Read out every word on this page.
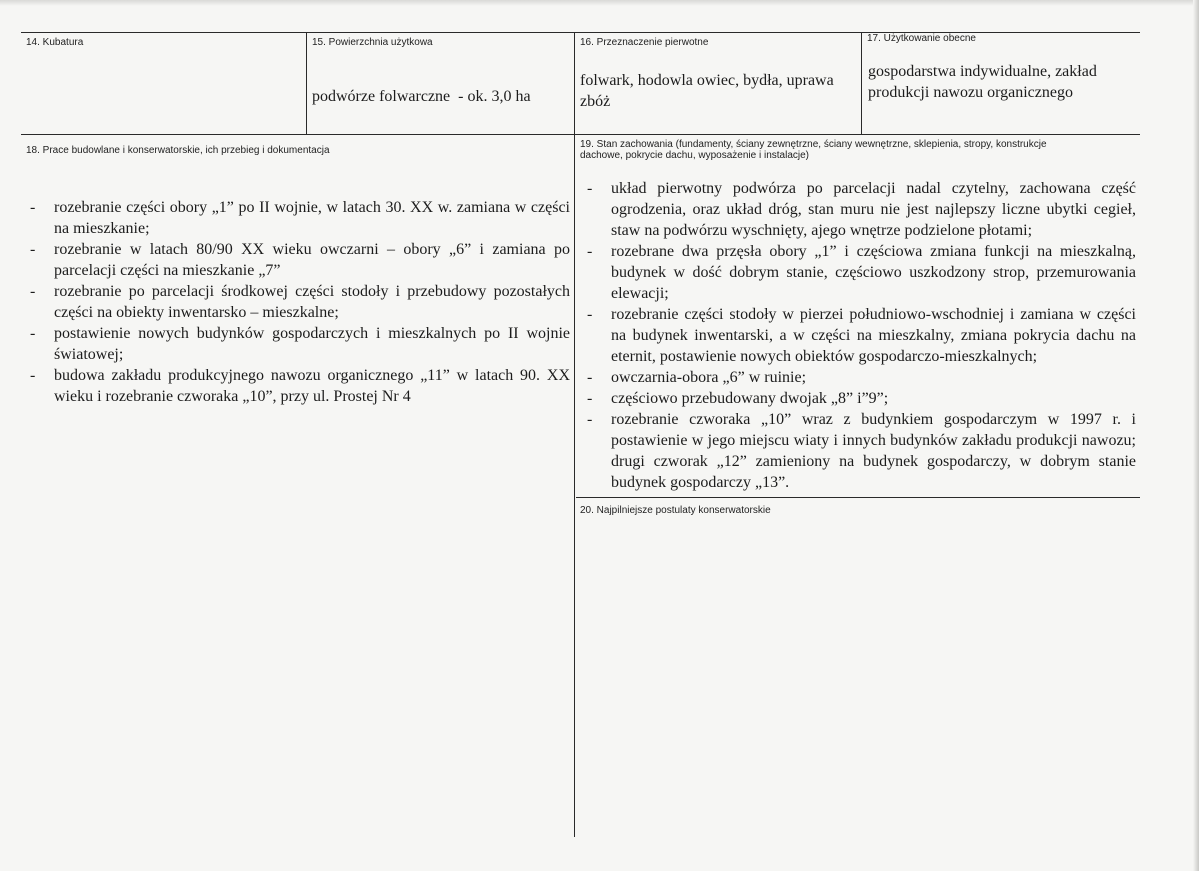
14. Kubatura	15. Powierzchnia użytkowa
podwórze folwarczne  - ok. 3,0 ha
16. Przeznaczenie pierwotne
folwark, hodowla owiec, bydła, uprawa zbóż
17. Użytkowanie obecne
gospodarstwa indywidualne, zakład produkcji nawozu organicznego
18. Prace budowlane i konserwatorskie, ich przebieg i dokumentacja
- rozebranie części obory „1” po II wojnie, w latach 30. XX w. zamiana w części na mieszkanie;
- rozebranie w latach 80/90 XX wieku owczarni – obory „6” i zamiana po parcelacji części na mieszkanie „7”
- rozebranie po parcelacji środkowej części stodoły i przebudowy pozostałych części na obiekty inwentarsko – mieszkalne;
- postawienie nowych budynków gospodarczych i mieszkalnych po II wojnie światowej;
- budowa zakładu produkcyjnego nawozu organicznego „11” w latach 90. XX wieku i rozebranie czworaka „10”, przy ul. Prostej Nr 4
19. Stan zachowania (fundamenty, ściany zewnętrzne, ściany wewnętrzne, sklepienia, stropy, konstrukcje dachowe, pokrycie dachu, wyposażenie i instalacje)
- układ pierwotny podwórza po parcelacji nadal czytelny, zachowana część ogrodzenia, oraz układ dróg, stan muru nie jest najlepszy liczne ubytki cegieł, staw na podwórzu wyschnięty, ajego wnętrze podzielone płotami;
- rozebrane dwa przęsła obory „1” i częściowa zmiana funkcji na mieszkalną, budynek w dość dobrym stanie, częściowo uszkodzony strop, przemurowania elewacji;
- rozebranie części stodoły w pierzei południowo-wschodniej i zamiana w części na budynek inwentarski, a w części na mieszkalny, zmiana pokrycia dachu na eternit, postawienie nowych obiektów gospodarczo-mieszkalnych;
- owczarnia-obora „6” w ruinie;
- częściowo przebudowany dwojak „8” i”9”;
- rozebranie czworaka „10” wraz z budynkiem gospodarczym w 1997 r. i postawienie w jego miejscu wiaty i innych budynków zakładu produkcji nawozu; drugi czworak „12” zamieniony na budynek gospodarczy, w dobrym stanie budynek gospodarczy „13”.
20. Najpilniejsze postulaty konserwatorskie
